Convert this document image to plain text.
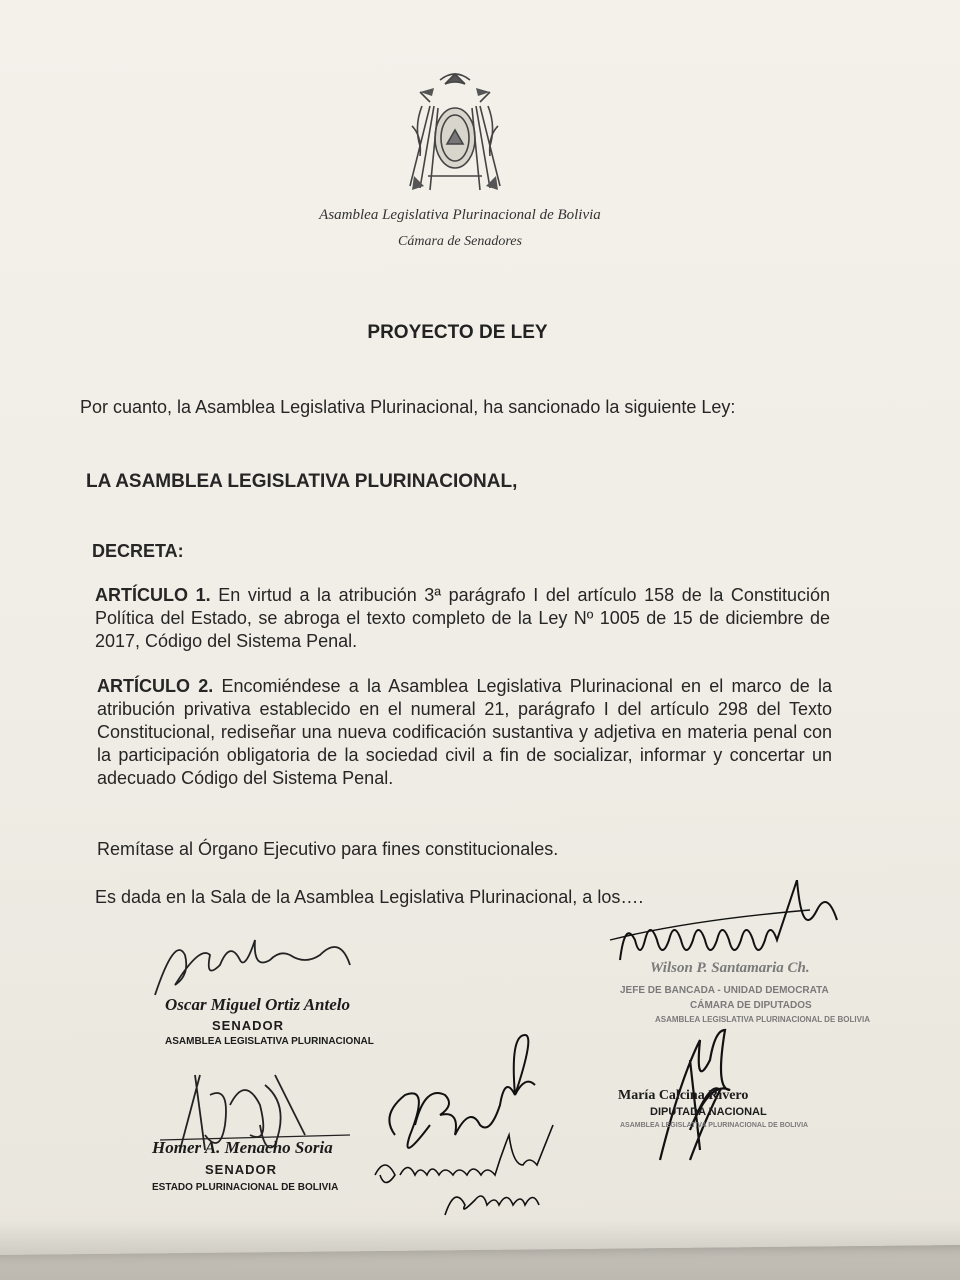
Asamblea Legislativa Plurinacional de Bolivia
Cámara de Senadores
PROYECTO DE LEY
Por cuanto, la Asamblea Legislativa Plurinacional, ha sancionado la siguiente Ley:
LA ASAMBLEA LEGISLATIVA PLURINACIONAL,
DECRETA:
ARTÍCULO 1. En virtud a la atribución 3ª parágrafo I del artículo 158 de la Constitución Política del Estado, se abroga el texto completo de la Ley Nº 1005 de 15 de diciembre de 2017, Código del Sistema Penal.
ARTÍCULO 2. Encomiéndese a la Asamblea Legislativa Plurinacional en el marco de la atribución privativa establecido en el numeral 21, parágrafo I del artículo 298 del Texto Constitucional, rediseñar una nueva codificación sustantiva y adjetiva en materia penal con la participación obligatoria de la sociedad civil a fin de socializar, informar y concertar un adecuado Código del Sistema Penal.
Remítase al Órgano Ejecutivo para fines constitucionales.
Es dada en la Sala de la Asamblea Legislativa Plurinacional, a los….
Oscar Miguel Ortiz Antelo
SENADOR
ASAMBLEA LEGISLATIVA PLURINACIONAL
Homer A. Menacho Soria
SENADOR
ESTADO PLURINACIONAL DE BOLIVIA
Wilson P. Santamaria Ch.
JEFE DE BANCADA - UNIDAD DEMOCRATA
CÁMARA DE DIPUTADOS
ASAMBLEA LEGISLATIVA PLURINACIONAL DE BOLIVIA
María Calcina Rivero
DIPUTADA NACIONAL
ASAMBLEA LEGISLATIVA PLURINACIONAL DE BOLIVIA
